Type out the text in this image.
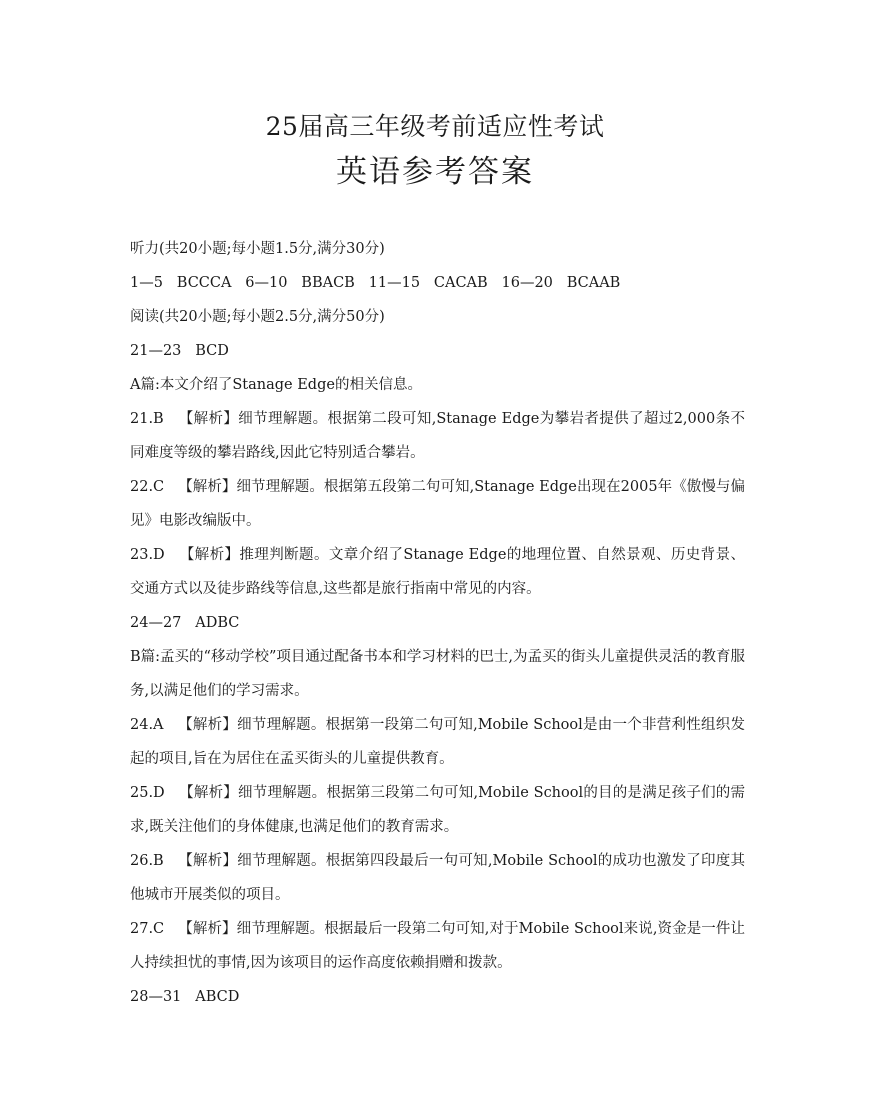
25届高三年级考前适应性考试
英语参考答案
听力(共20小题;每小题1.5分,满分30分)
1—5   BCCCA   6—10   BBACB   11—15   CACAB   16—20   BCAAB
阅读(共20小题;每小题2.5分,满分50分)
21—23   BCD
A篇:本文介绍了Stanage Edge的相关信息。
21.B   【解析】细节理解题。根据第二段可知,Stanage Edge为攀岩者提供了超过2,000条不同难度等级的攀岩路线,因此它特别适合攀岩。
22.C   【解析】细节理解题。根据第五段第二句可知,Stanage Edge出现在2005年《傲慢与偏见》电影改编版中。
23.D   【解析】推理判断题。文章介绍了Stanage Edge的地理位置、自然景观、历史背景、交通方式以及徒步路线等信息,这些都是旅行指南中常见的内容。
24—27   ADBC
B篇:孟买的“移动学校”项目通过配备书本和学习材料的巴士,为孟买的街头儿童提供灵活的教育服务,以满足他们的学习需求。
24.A   【解析】细节理解题。根据第一段第二句可知,Mobile School是由一个非营利性组织发起的项目,旨在为居住在孟买街头的儿童提供教育。
25.D   【解析】细节理解题。根据第三段第二句可知,Mobile School的目的是满足孩子们的需求,既关注他们的身体健康,也满足他们的教育需求。
26.B   【解析】细节理解题。根据第四段最后一句可知,Mobile School的成功也激发了印度其他城市开展类似的项目。
27.C   【解析】细节理解题。根据最后一段第二句可知,对于Mobile School来说,资金是一件让人持续担忧的事情,因为该项目的运作高度依赖捐赠和拨款。
28—31   ABCD
